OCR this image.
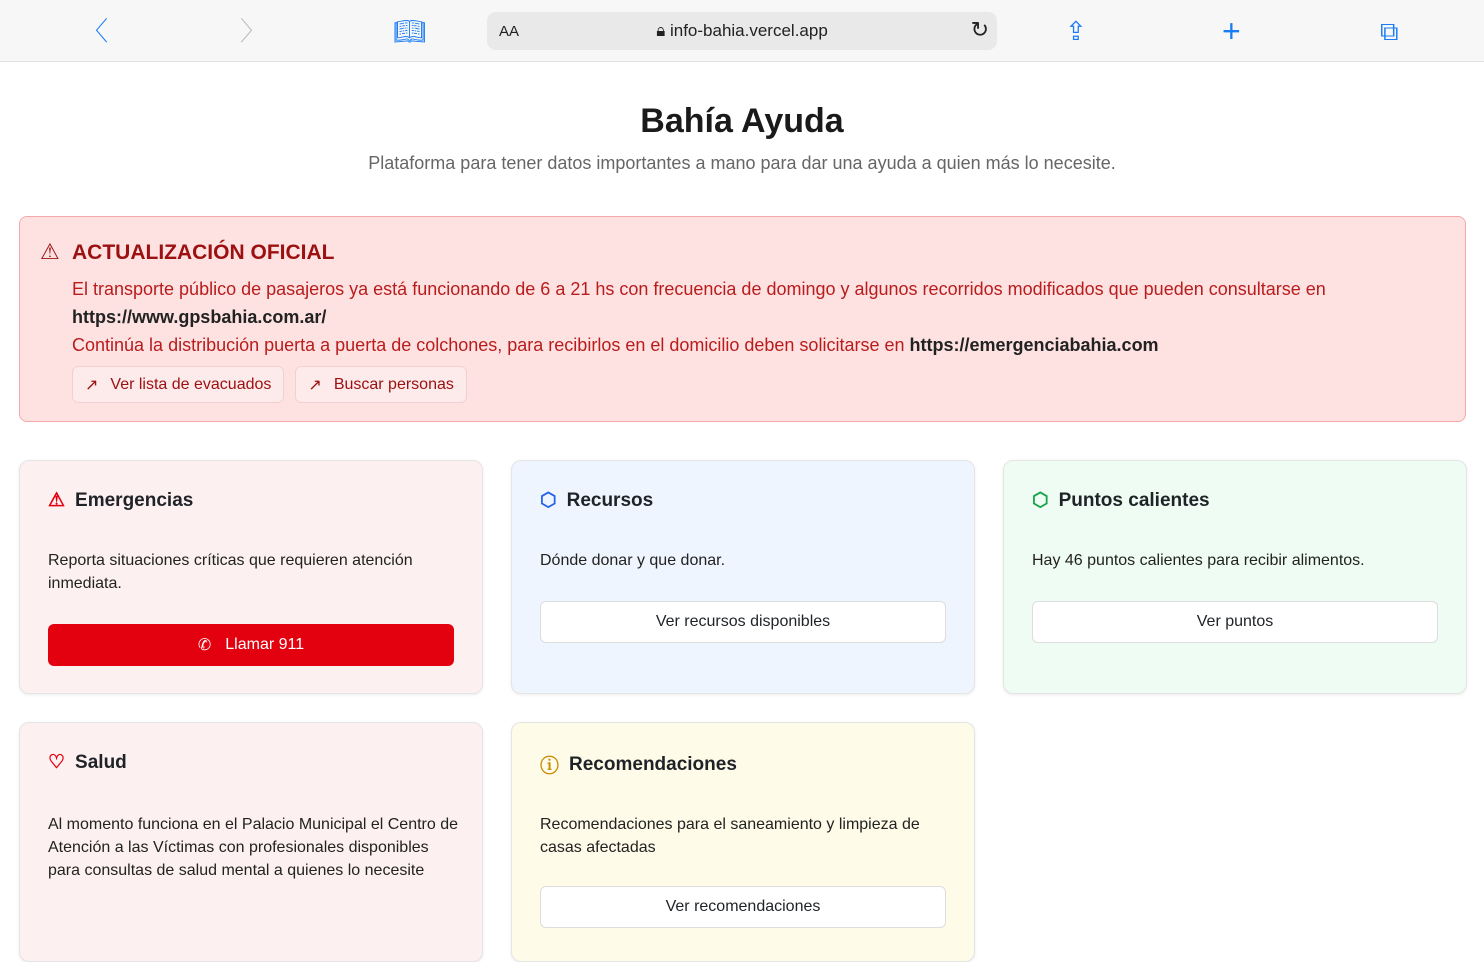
〈	〉	📖︎	AA	🔒︎ info-bahia.vercel.app	↻	⇪	+	⧉
Bahía Ayuda

Plataforma para tener datos importantes a mano para dar una ayuda a quien más lo necesite.

⚠ ACTUALIZACIÓN OFICIAL
El transporte público de pasajeros ya está funcionando de 6 a 21 hs con frecuencia de domingo y algunos recorridos modificados que pueden consultarse en
https://www.gpsbahia.com.ar/
Continúa la distribución puerta a puerta de colchones, para recibirlos en el domicilio deben solicitarse en https://emergenciabahia.com
↗ Ver lista de evacuados ↗ Buscar personas
⚠ Emergencias
Reporta situaciones críticas que requieren atención inmediata.
✆ Llamar 911
⬡ Recursos
Dónde donar y que donar.
Ver recursos disponibles
⬡ Puntos calientes
Hay 46 puntos calientes para recibir alimentos.
Ver puntos
♡ Salud
Al momento funciona en el Palacio Municipal el Centro de Atención a las Víctimas con profesionales disponibles para consultas de salud mental a quienes lo necesite
ⓘ Recomendaciones
Recomendaciones para el saneamiento y limpieza de casas afectadas
Ver recomendaciones
